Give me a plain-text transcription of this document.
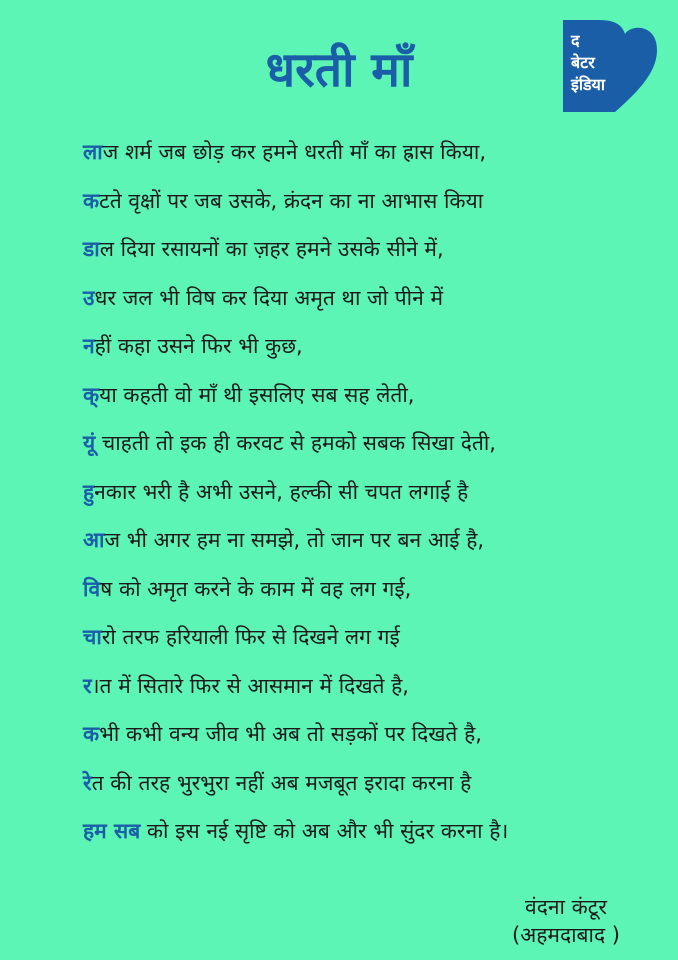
धरती माँ
द
बेटर
इंडिया
लाज शर्म जब छोड़ कर हमने धरती माँ का ह्रास किया,
कटते वृक्षों पर जब उसके, क्रंदन का ना आभास किया
डाल दिया रसायनों का ज़हर हमने उसके सीने में,
उधर जल भी विष कर दिया अमृत था जो पीने में
नहीं कहा उसने फिर भी कुछ,
क्या कहती वो माँ थी इसलिए सब सह लेती,
यूं चाहती तो इक ही करवट से हमको सबक सिखा देती,
हुनकार भरी है अभी उसने, हल्की सी चपत लगाई है
आज भी अगर हम ना समझे, तो जान पर बन आई है,
विष को अमृत करने के काम में वह लग गई,
चारो तरफ हरियाली फिर से दिखने लग गई
र।त में सितारे फिर से आसमान में दिखते है,
कभी कभी वन्य जीव भी अब तो सड़कों पर दिखते है,
रेत की तरह भुरभुरा नहीं अब मजबूत इरादा करना है
हम सब को इस नई सृष्टि को अब और भी सुंदर करना है।
वंदना कंटूर
(अहमदाबाद )
